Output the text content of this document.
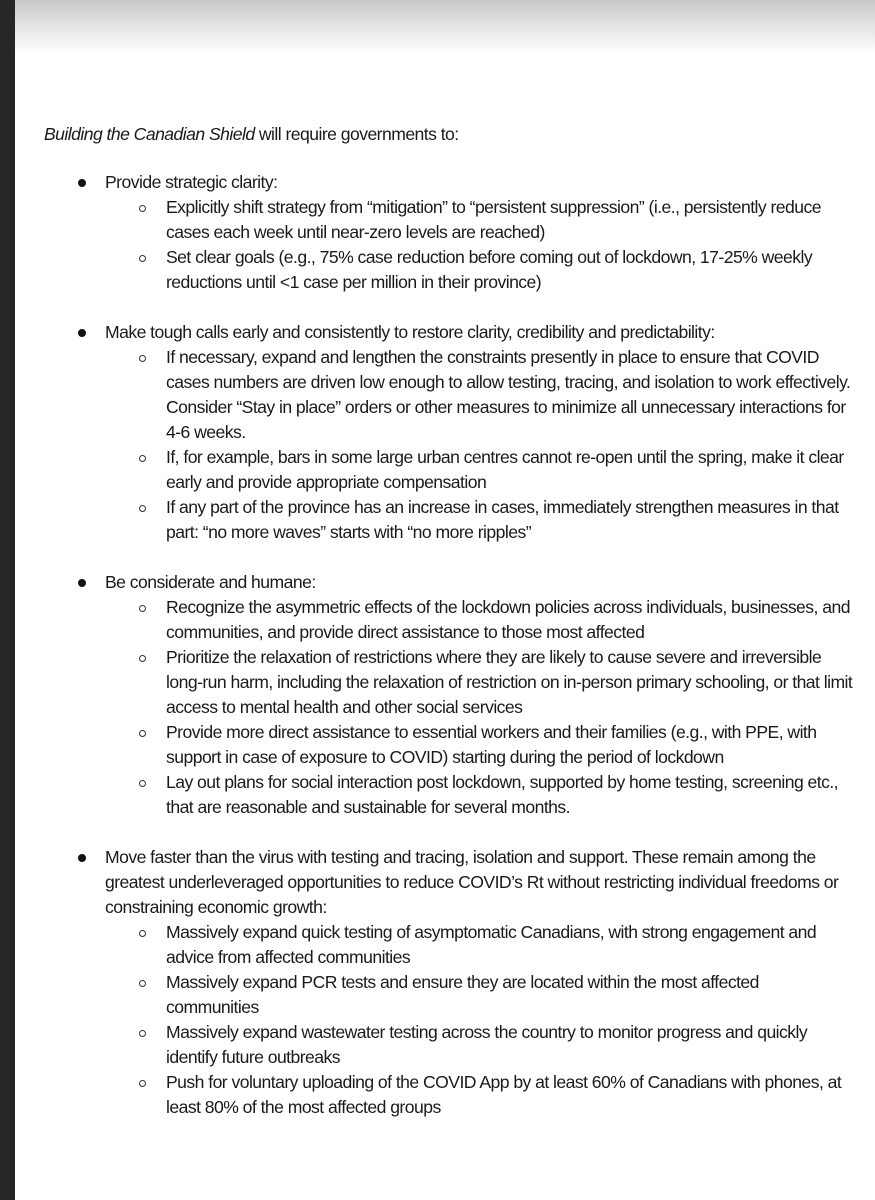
Building the Canadian Shield will require governments to:

Provide strategic clarity:
Explicitly shift strategy from “mitigation” to “persistent suppression” (i.e., persistently reduce cases each week until near-zero levels are reached)
Set clear goals (e.g., 75% case reduction before coming out of lockdown, 17-25% weekly reductions until <1 case per million in their province)
Make tough calls early and consistently to restore clarity, credibility and predictability:
If necessary, expand and lengthen the constraints presently in place to ensure that COVID cases numbers are driven low enough to allow testing, tracing, and isolation to work effectively. Consider “Stay in place” orders or other measures to minimize all unnecessary interactions for 4-6 weeks.
If, for example, bars in some large urban centres cannot re-open until the spring, make it clear early and provide appropriate compensation
If any part of the province has an increase in cases, immediately strengthen measures in that part: “no more waves” starts with “no more ripples”
Be considerate and humane:
Recognize the asymmetric effects of the lockdown policies across individuals, businesses, and communities, and provide direct assistance to those most affected
Prioritize the relaxation of restrictions where they are likely to cause severe and irreversible long-run harm, including the relaxation of restriction on in-person primary schooling, or that limit access to mental health and other social services
Provide more direct assistance to essential workers and their families (e.g., with PPE, with support in case of exposure to COVID) starting during the period of lockdown
Lay out plans for social interaction post lockdown, supported by home testing, screening etc., that are reasonable and sustainable for several months.
Move faster than the virus with testing and tracing, isolation and support. These remain among the greatest underleveraged opportunities to reduce COVID’s Rt without restricting individual freedoms or constraining economic growth:
Massively expand quick testing of asymptomatic Canadians, with strong engagement and advice from affected communities
Massively expand PCR tests and ensure they are located within the most affected communities
Massively expand wastewater testing across the country to monitor progress and quickly identify future outbreaks
Push for voluntary uploading of the COVID App by at least 60% of Canadians with phones, at least 80% of the most affected groups
